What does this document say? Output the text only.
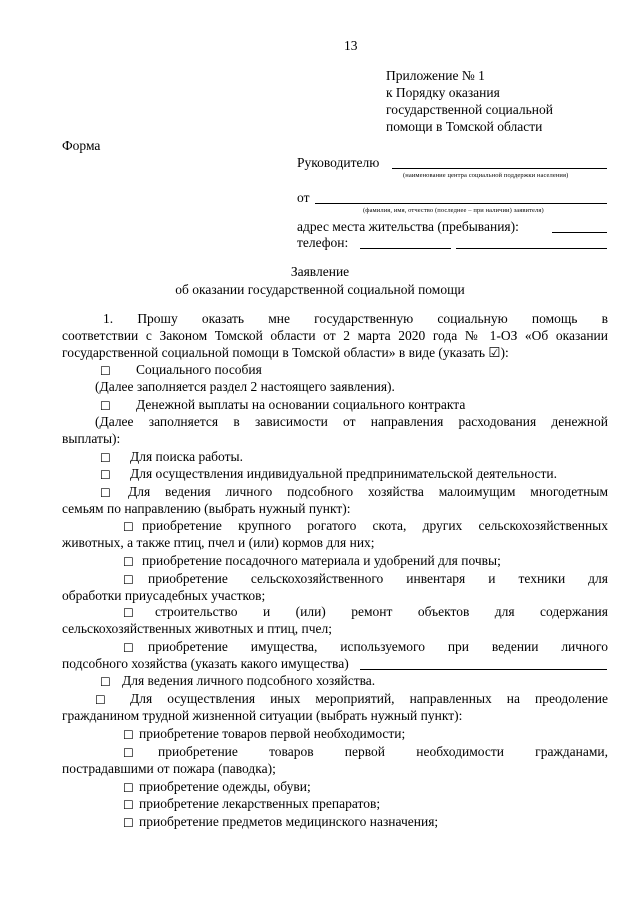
13
Приложение № 1
к Порядку оказания
государственной социальной
помощи в Томской области
Форма
Руководителю
(наименование центра социальной поддержки населения)
от
(фамилия, имя, отчество (последнее – при наличии) заявителя)
адрес места жительства (пребывания):
телефон:
Заявление
об оказании государственной социальной помощи
1. Прошу оказать мне государственную социальную помощь в
соответствии с Законом Томской области от 2 марта 2020 года № 1-ОЗ «Об оказании
государственной социальной помощи в Томской области» в виде (указать ☑):
☐ Социального пособия
(Далее заполняется раздел 2 настоящего заявления).
☐ Денежной выплаты на основании социального контракта
(Далее заполняется в зависимости от направления расходования денежной
выплаты):
☐ Для поиска работы.
☐ Для осуществления индивидуальной предпринимательской деятельности.
☐ Для ведения личного подсобного хозяйства малоимущим многодетным
семьям по направлению (выбрать нужный пункт):
☐ приобретение крупного рогатого скота, других сельскохозяйственных
животных, а также птиц, пчел и (или) кормов для них;
☐ приобретение посадочного материала и удобрений для почвы;
☐ приобретение сельскохозяйственного инвентаря и техники для
обработки приусадебных участков;
☐ строительство и (или) ремонт объектов для содержания
сельскохозяйственных животных и птиц, пчел;
☐ приобретение имущества, используемого при ведении личного
подсобного хозяйства (указать какого имущества)
☐ Для ведения личного подсобного хозяйства.
☐ Для осуществления иных мероприятий, направленных на преодоление
гражданином трудной жизненной ситуации (выбрать нужный пункт):
☐ приобретение товаров первой необходимости;
☐ приобретение товаров первой необходимости гражданами,
пострадавшими от пожара (паводка);
☐ приобретение одежды, обуви;
☐ приобретение лекарственных препаратов;
☐ приобретение предметов медицинского назначения;
